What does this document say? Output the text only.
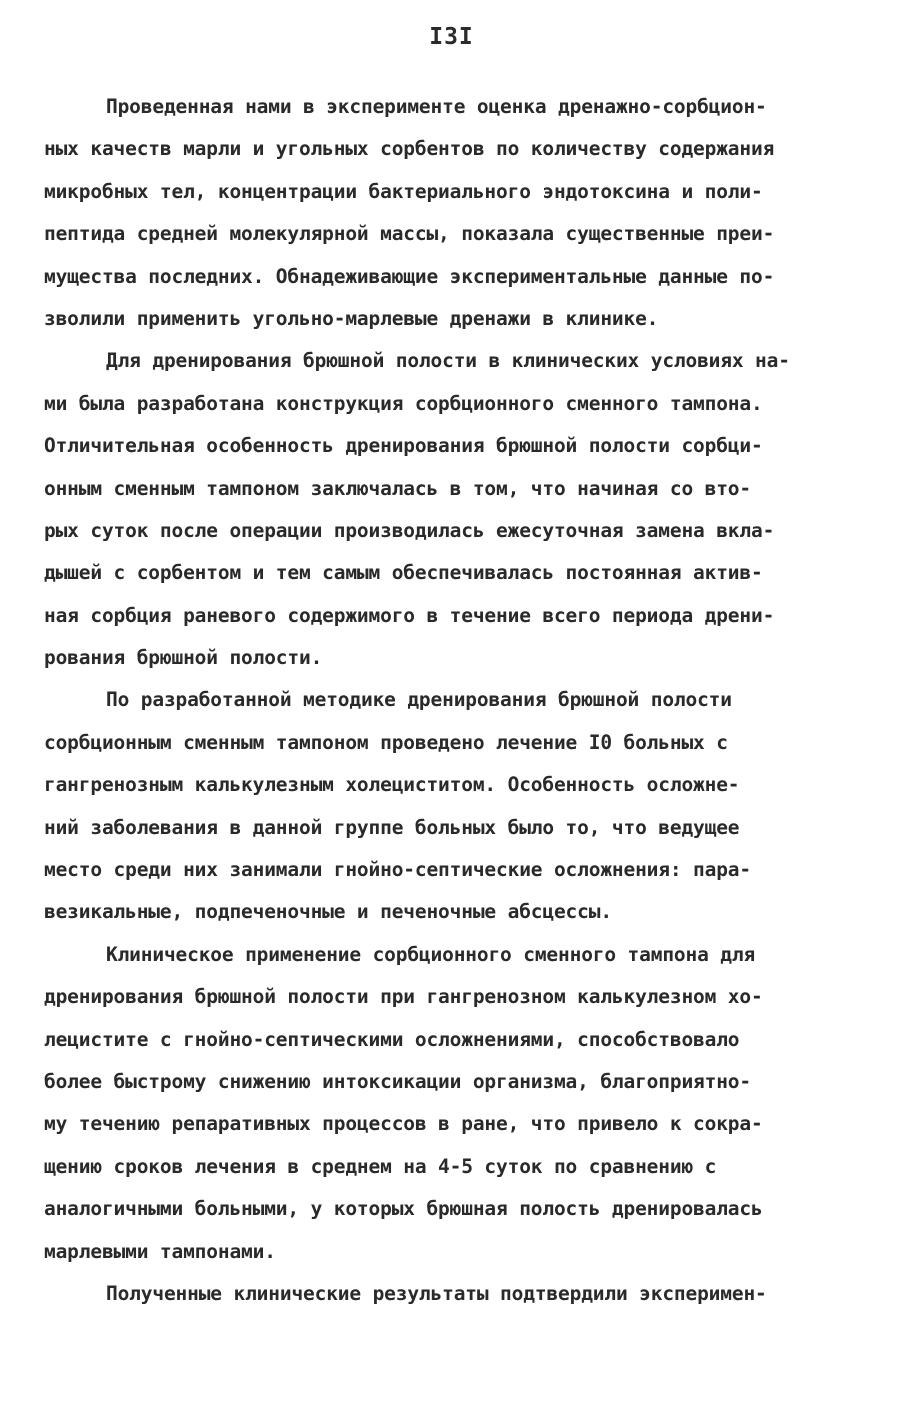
I3I
Проведенная нами в эксперименте оценка дренажно-сорбцион-
ных качеств марли и угольных сорбентов по количеству содержания
микробных тел, концентрации бактериального эндотоксина и поли-
пептида средней молекулярной массы, показала существенные преи-
мущества последних. Обнадеживающие экспериментальные данные по-
зволили применить угольно-марлевые дренажи в клинике.
Для дренирования брюшной полости в клинических условиях на-
ми была разработана конструкция сорбционного сменного тампона.
Отличительная особенность дренирования брюшной полости сорбци-
онным сменным тампоном заключалась в том, что начиная со вто-
рых суток после операции производилась ежесуточная замена вкла-
дышей с сорбентом и тем самым обеспечивалась постоянная актив-
ная сорбция раневого содержимого в течение всего периода дрени-
рования брюшной полости.
По разработанной методике дренирования брюшной полости
сорбционным сменным тампоном проведено лечение I0 больных с
гангренозным калькулезным холециститом. Особенность осложне-
ний заболевания в данной группе больных было то, что ведущее
место среди них занимали гнойно-септические осложнения: пара-
везикальные, подпеченочные и печеночные абсцессы.
Клиническое применение сорбционного сменного тампона для
дренирования брюшной полости при гангренозном калькулезном хо-
лецистите с гнойно-септическими осложнениями, способствовало
более быстрому снижению интоксикации организма, благоприятно-
му течению репаративных процессов в ране, что привело к сокра-
щению сроков лечения в среднем на 4-5 суток по сравнению с
аналогичными больными, у которых брюшная полость дренировалась
марлевыми тампонами.
Полученные клинические результаты подтвердили эксперимен-
